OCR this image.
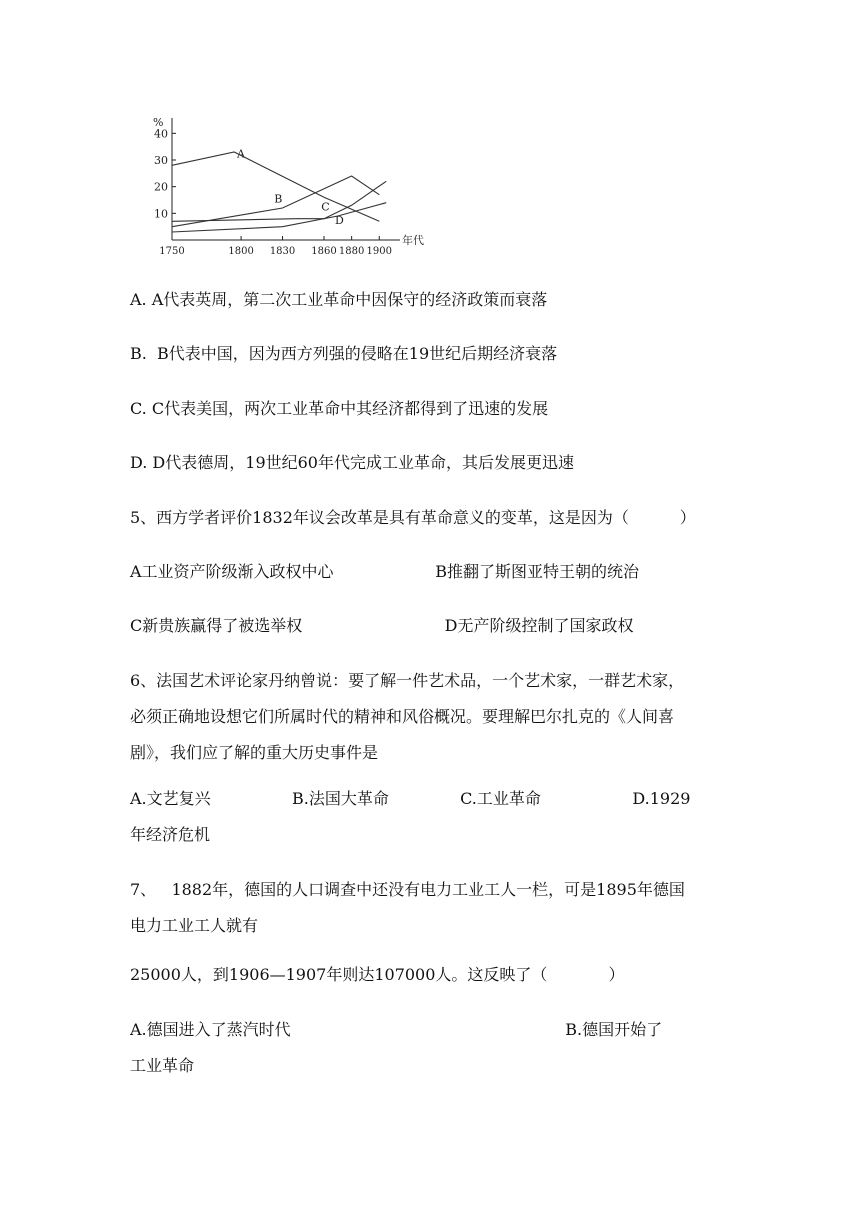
%
年代
10
20
30
40
1750	1800 1830 1860 1880 1900
A
B
C
D
A. A代表英周，第二次工业革命中因保守的经济政策而衰落
B.  B代表中国，因为西方列强的侵略在19世纪后期经济衰落
C. C代表美国，两次工业革命中其经济都得到了迅速的发展
D. D代表德周，19世纪60年代完成工业革命，其后发展更迅速
5、西方学者评价1832年议会改革是具有革命意义的变革，这是因为（          ）
A工业资产阶级渐入政权中心                    B推翻了斯图亚特王朝的统治
C新贵族赢得了被选举权                            D无产阶级控制了国家政权
6、法国艺术评论家丹纳曾说：要了解一件艺术品，一个艺术家，一群艺术家，
必须正确地设想它们所属时代的精神和风俗概况。要理解巴尔扎克的《人间喜
剧》，我们应了解的重大历史事件是
A.文艺复兴                B.法国大革命              C.工业革命                  D.1929
年经济危机
7、   1882年，德国的人口调查中还没有电力工业工人一栏，可是1895年德国
电力工业工人就有
25000人，到1906—1907年则达107000人。这反映了（            ）
A.德国进入了蒸汽时代                                                      B.德国开始了
工业革命
